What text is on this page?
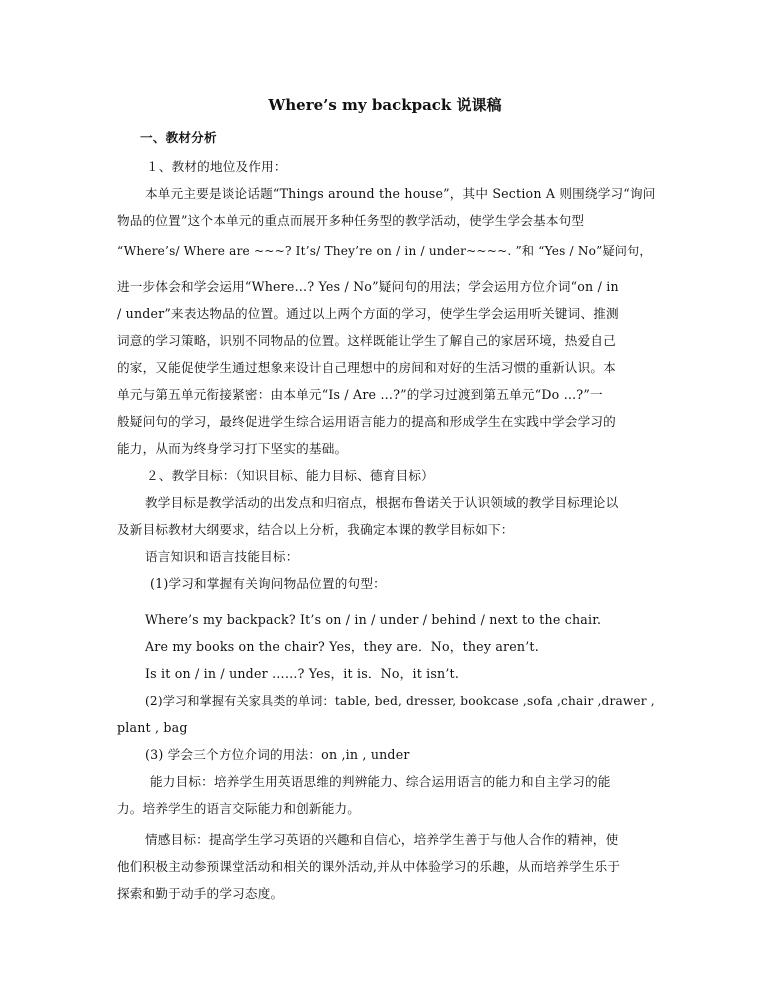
Where’s my backpack 说课稿
一、教材分析
１、教材的地位及作用：
本单元主要是谈论话题“Things around the house”，其中 Section A 则围绕学习“询问
物品的位置”这个本单元的重点而展开多种任务型的教学活动，使学生学会基本句型
“Where’s/ Where are ~~~? It’s/ They’re on / in / under~~~~. ”和 “Yes / No”疑问句，
进一步体会和学会运用“Where…? Yes / No”疑问句的用法；学会运用方位介词“on / in
/ under”来表达物品的位置。通过以上两个方面的学习，使学生学会运用听关键词、推测
词意的学习策略，识别不同物品的位置。这样既能让学生了解自己的家居环境，热爱自己
的家，又能促使学生通过想象来设计自己理想中的房间和对好的生活习惯的重新认识。本
单元与第五单元衔接紧密：由本单元“Is / Are …?”的学习过渡到第五单元“Do …?”一
般疑问句的学习，最终促进学生综合运用语言能力的提高和形成学生在实践中学会学习的
能力，从而为终身学习打下坚实的基础。
２、教学目标：（知识目标、能力目标、德育目标）
教学目标是教学活动的出发点和归宿点，根据布鲁诺关于认识领域的教学目标理论以
及新目标教材大纲要求，结合以上分析，我确定本课的教学目标如下：
语言知识和语言技能目标：
(1)学习和掌握有关询问物品位置的句型：
Where’s my backpack? It’s on / in / under / behind / next to the chair.
Are my books on the chair? Yes，they are．No，they aren’t.
Is it on / in / under ……? Yes，it is．No，it isn’t.
(2)学习和掌握有关家具类的单词：table, bed, dresser, bookcase ,sofa ,chair ,drawer ,
plant , bag
(3) 学会三个方位介词的用法：on ,in , under
能力目标：培养学生用英语思维的判辨能力、综合运用语言的能力和自主学习的能
力。培养学生的语言交际能力和创新能力。
情感目标：提高学生学习英语的兴趣和自信心，培养学生善于与他人合作的精神，使
他们积极主动参预课堂活动和相关的课外活动,并从中体验学习的乐趣，从而培养学生乐于
探索和勤于动手的学习态度。
